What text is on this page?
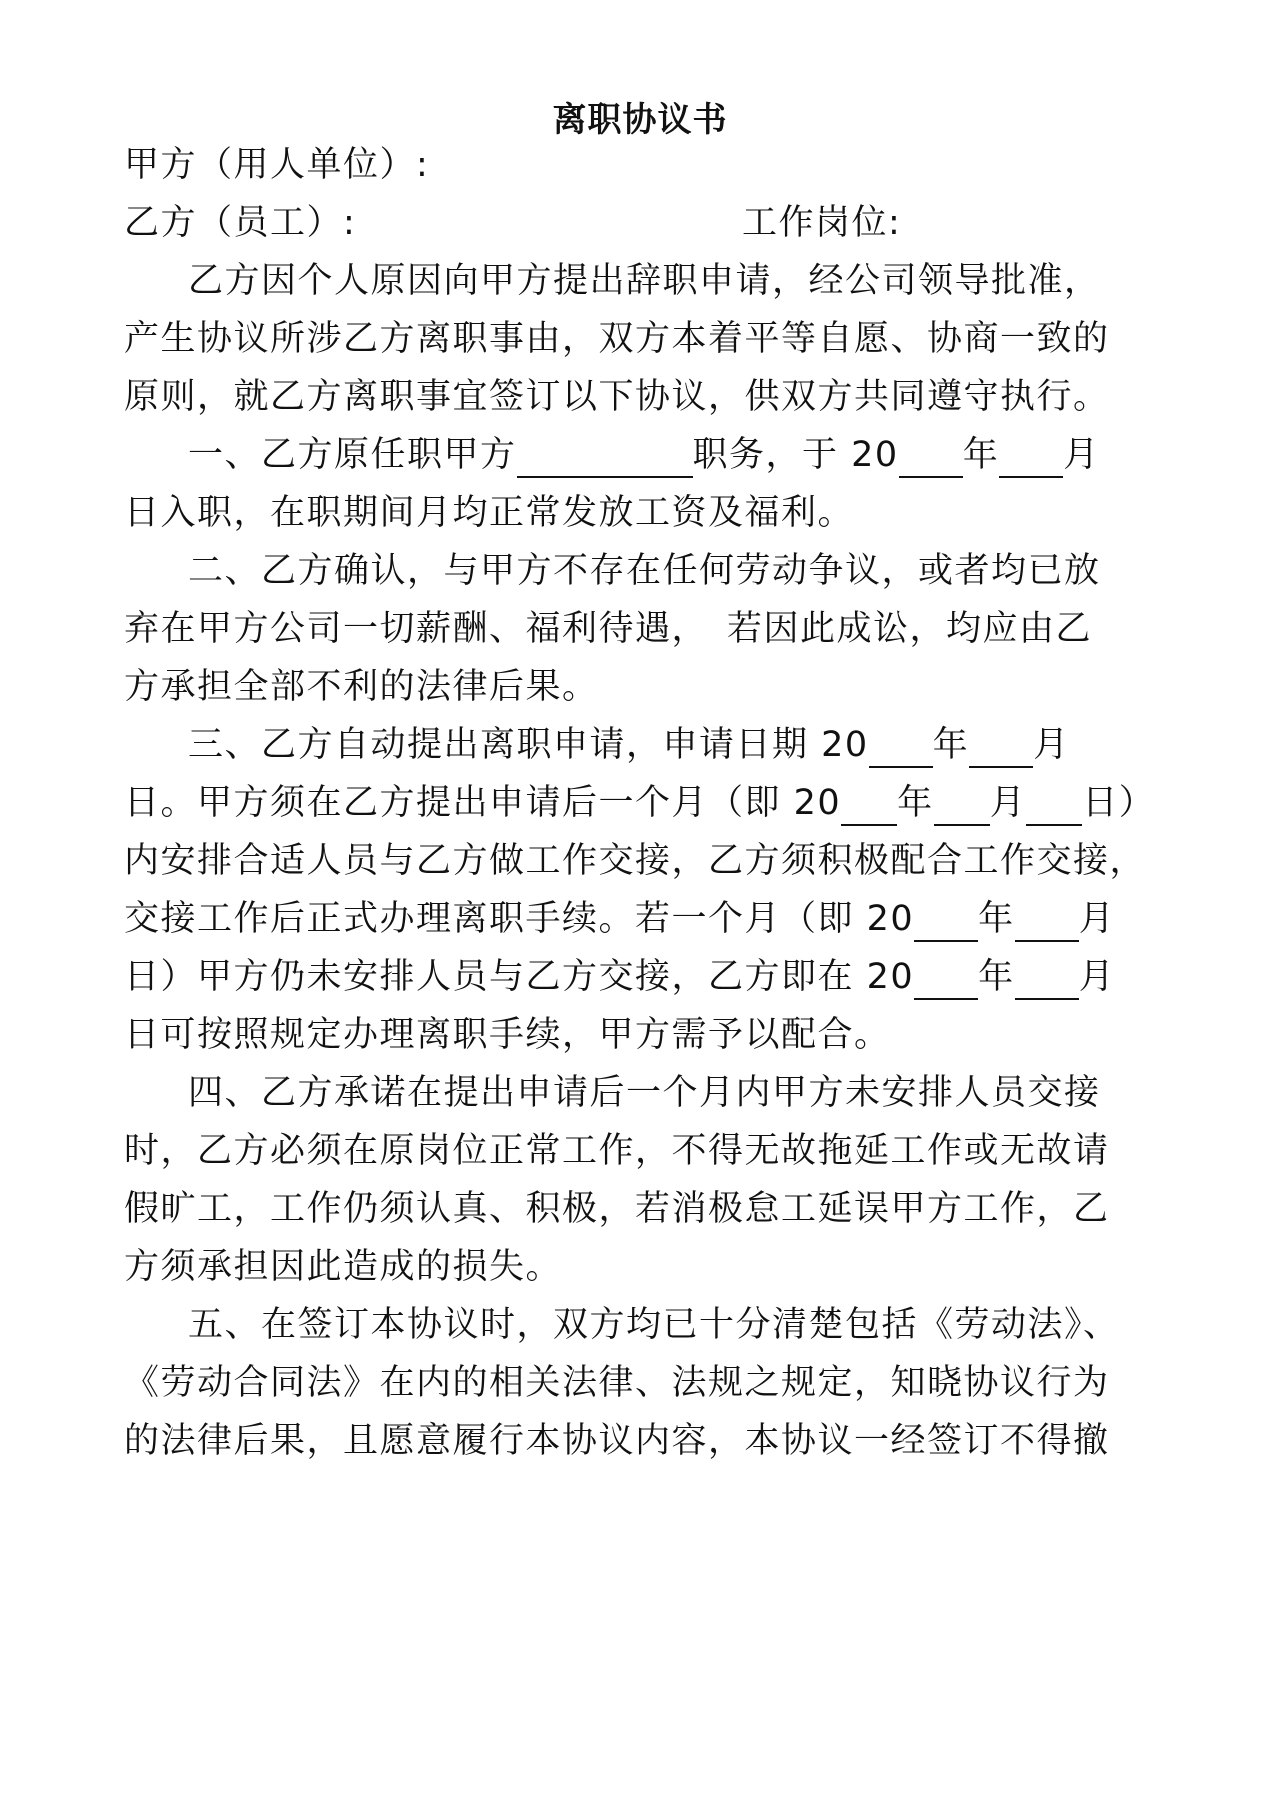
离职协议书
甲方（用人单位）:
乙方（员工）:	工作岗位:
乙方因个人原因向甲方提出辞职申请，经公司领导批准，
产生协议所涉乙方离职事由，双方本着平等自愿、协商一致的
原则，就乙方离职事宜签订以下协议，供双方共同遵守执行。
一、乙方原任职甲方	职务，于 20 年 月
日入职，在职期间月均正常发放工资及福利。
二、乙方确认，与甲方不存在任何劳动争议，或者均已放
弃在甲方公司一切薪酬、福利待遇，　若因此成讼，均应由乙
方承担全部不利的法律后果。
三、乙方自动提出离职申请，申请日期 20 年 月
日。甲方须在乙方提出申请后一个月（即 20 年 月 日）
内安排合适人员与乙方做工作交接，乙方须积极配合工作交接，
交接工作后正式办理离职手续。若一个月（即 20 年 月
日）甲方仍未安排人员与乙方交接，乙方即在 20 年 月
日可按照规定办理离职手续，甲方需予以配合。
四、乙方承诺在提出申请后一个月内甲方未安排人员交接
时，乙方必须在原岗位正常工作，不得无故拖延工作或无故请
假旷工，工作仍须认真、积极，若消极怠工延误甲方工作，乙
方须承担因此造成的损失。
五、在签订本协议时，双方均已十分清楚包括《劳动法》、
《劳动合同法》在内的相关法律、法规之规定，知晓协议行为
的法律后果，且愿意履行本协议内容，本协议一经签订不得撤
